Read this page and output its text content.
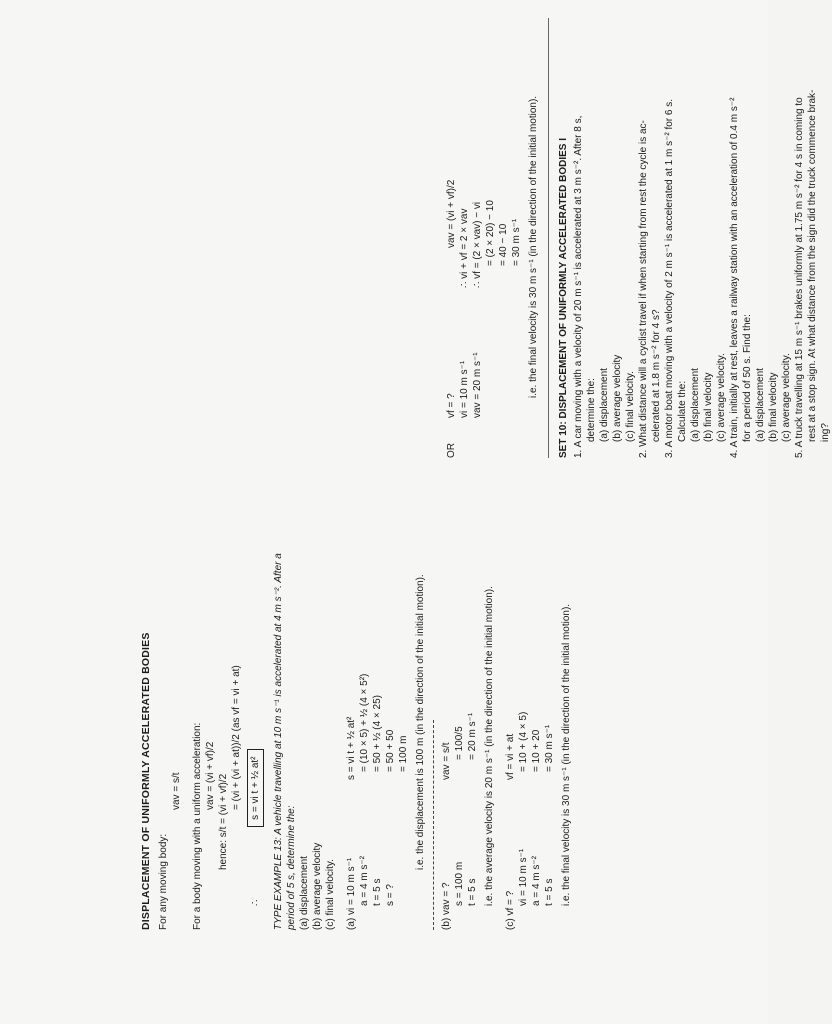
DISPLACEMENT OF UNIFORMLY ACCELERATED BODIES For any moving body:
vav = s/t For a body moving with a uniform acceleration: vav = (vi + vf)/2 hence: s/t = (vi + vf)/2
= (vi + (vi + at))/2 (as vf = vi + at)
∴ s = vi t + ½ at²	TYPE EXAMPLE 13: A vehicle travelling at 10 m s⁻¹ is accelerated at 4 m s⁻². After a period of 5 s, determine the: (a) displacement (b) average velocity (c) final velocity. (a) vi = 10 m s⁻¹ a = 4 m s⁻² t = 5 s s = ?
s = vi t + ½ at² = (10 × 5) + ½ (4 × 5²) = 50 + ½ (4 × 25) = 50 + 50 = 100 m i.e. the displacement is 100 m (in the direction of the initial motion).
(b) vav = ? s = 100 m t = 5 s
vav = s/t = 100/5 = 20 m s⁻¹ i.e. the average velocity is 20 m s⁻¹ (in the direction of the initial motion).
(c) vf = ?
vi = 10 m s⁻¹ a = 4 m s⁻² t = 5 s
vf = vi + at = 10 + (4 × 5) = 10 + 20 = 30 m s⁻¹ i.e. the final velocity is 30 m s⁻¹ (in the direction of the initial motion).
OR
vf = ? vi = 10 m s⁻¹ vav = 20 m s⁻¹
vav = (vi + vf)/2 ∴ vi + vf = 2 × vav ∴ vf = (2 × vav) − vi = (2 × 20) − 10 = 40 − 10 = 30 m s⁻¹ i.e. the final velocity is 30 m s⁻¹ (in the direction of the initial motion). SET 10: DISPLACEMENT OF UNIFORMLY ACCELERATED BODIES I 1. A car moving with a velocity of 20 m s⁻¹ is accelerated at 3 m s⁻². After 8 s, determine the: (a) displacement (b) average velocity (c) final velocity. 2. What distance will a cyclist travel if when starting from rest the cycle is ac- celerated at 1.8 m s⁻² for 4 s? 3. A motor boat moving with a velocity of 2 m s⁻¹ is accelerated at 1 m s⁻² for 6 s. Calculate the: (a) displacement (b) final velocity (c) average velocity. 4. A train, initially at rest, leaves a railway station with an acceleration of 0.4 m s⁻² for a period of 50 s. Find the: (a) displacement (b) final velocity (c) average velocity. 5. A truck travelling at 15 m s⁻¹ brakes uniformly at 1.75 m s⁻² for 4 s in coming to rest at a stop sign. At what distance from the sign did the truck commence brak- ing?
